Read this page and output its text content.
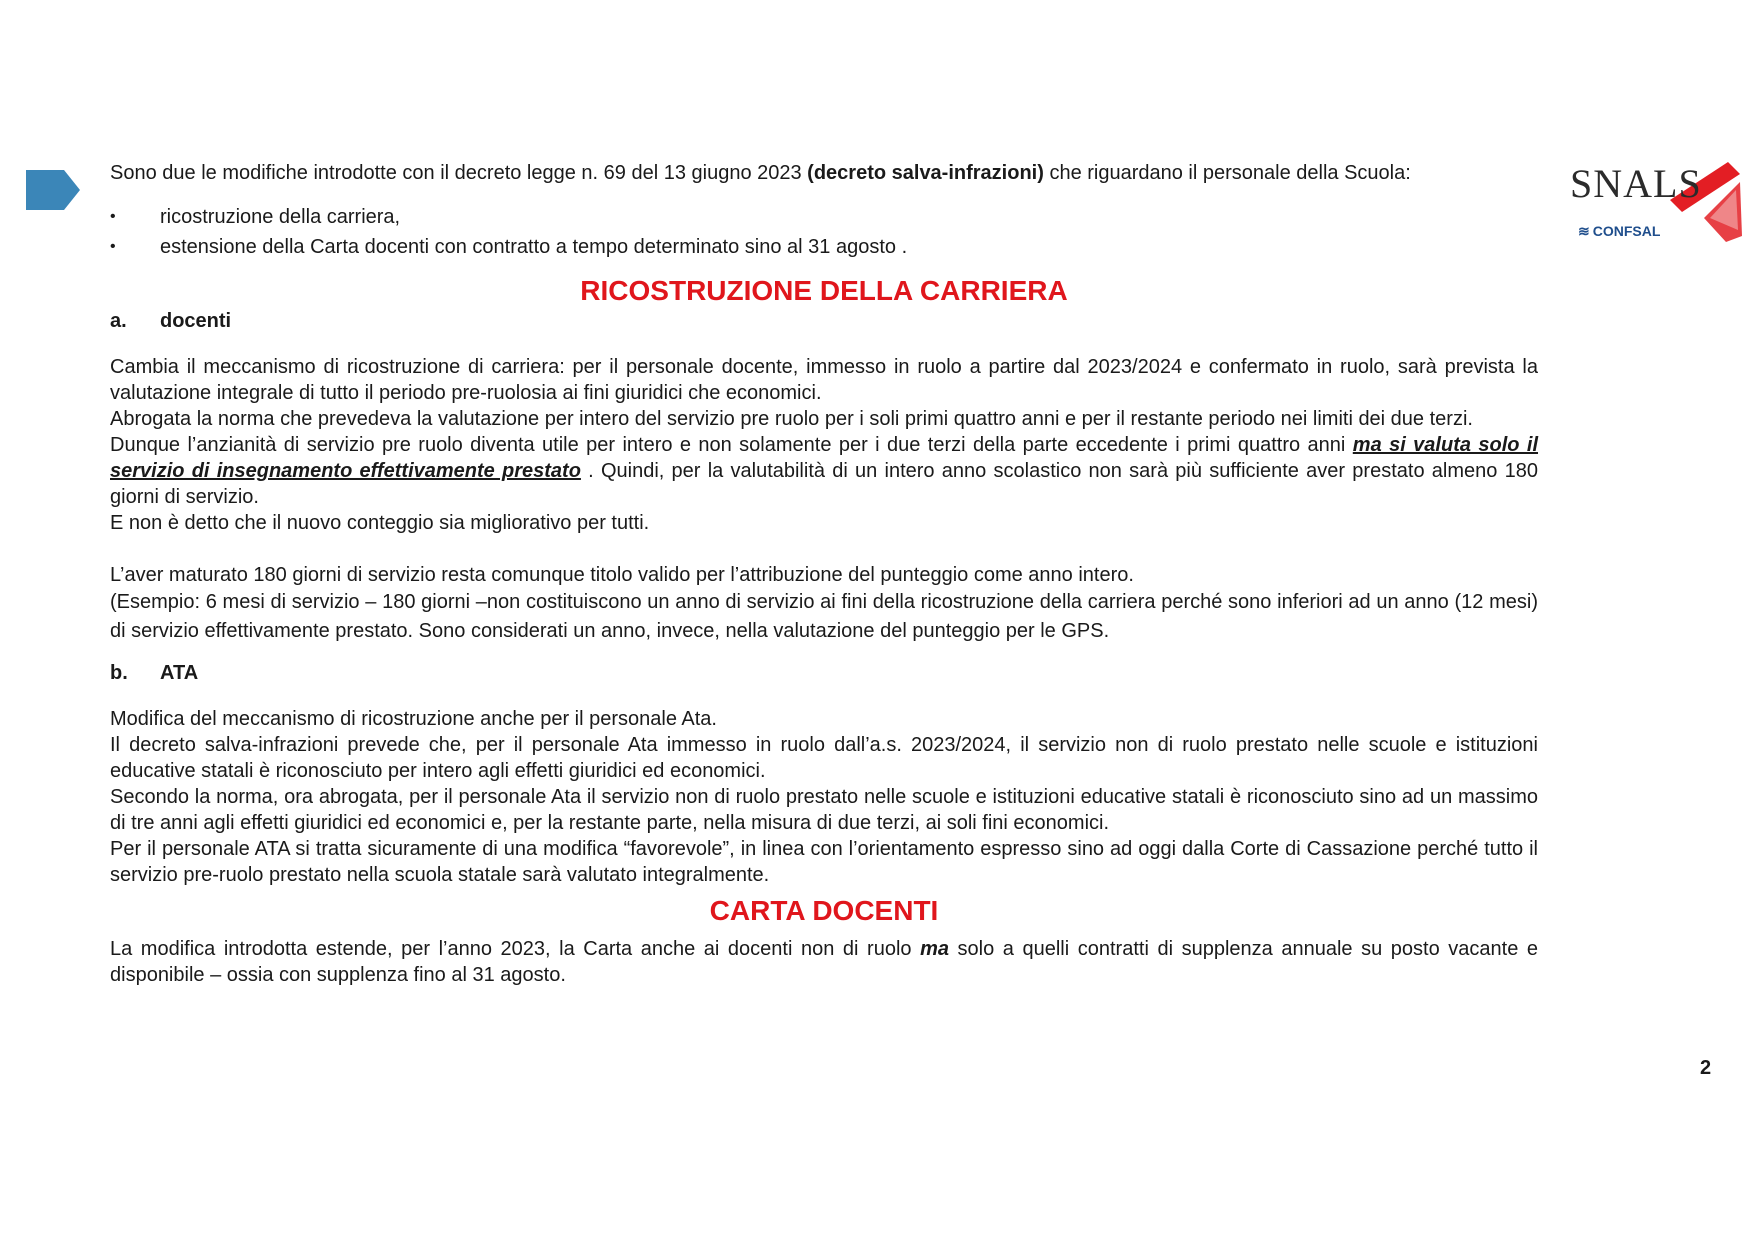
SNALS
≋ CONFSAL

Sono due le modifiche introdotte con il decreto legge n. 69 del 13 giugno 2023 (decreto salva-infrazioni) che riguardano il personale della Scuola:

• ricostruzione della carriera,
• estensione della Carta docenti con contratto a tempo determinato sino al 31 agosto .

RICOSTRUZIONE DELLA CARRIERA

a. docenti

Cambia il meccanismo di ricostruzione di carriera: per il personale docente, immesso in ruolo a partire dal 2023/2024 e confermato in ruolo, sarà prevista la valutazione integrale di tutto il periodo pre-ruolosia ai fini giuridici che economici.

Abrogata la norma che prevedeva la valutazione per intero del servizio pre ruolo per i soli primi quattro anni e per il restante periodo nei limiti dei due terzi.

Dunque l’anzianità di servizio pre ruolo diventa utile per intero e non solamente per i due terzi della parte eccedente i primi quattro anni ma si valuta solo il servizio di insegnamento effettivamente prestato . Quindi, per la valutabilità di un intero anno scolastico non sarà più sufficiente aver prestato almeno 180 giorni di servizio.

E non è detto che il nuovo conteggio sia migliorativo per tutti.

L’aver maturato 180 giorni di servizio resta comunque titolo valido per l’attribuzione del punteggio come anno intero.

(Esempio: 6 mesi di servizio – 180 giorni –non costituiscono un anno di servizio ai fini della ricostruzione della carriera perché sono inferiori ad un anno (12 mesi) di servizio effettivamente prestato. Sono considerati un anno, invece, nella valutazione del punteggio per le GPS.

b. ATA

Modifica del meccanismo di ricostruzione anche per il personale Ata.

Il decreto salva-infrazioni prevede che, per il personale Ata immesso in ruolo dall’a.s. 2023/2024, il servizio non di ruolo prestato nelle scuole e istituzioni educative statali è riconosciuto per intero agli effetti giuridici ed economici.

Secondo la norma, ora abrogata, per il personale Ata il servizio non di ruolo prestato nelle scuole e istituzioni educative statali è riconosciuto sino ad un massimo di tre anni agli effetti giuridici ed economici e, per la restante parte, nella misura di due terzi, ai soli fini economici.

Per il personale ATA si tratta sicuramente di una modifica “favorevole”, in linea con l’orientamento espresso sino ad oggi dalla Corte di Cassazione perché tutto il servizio pre-ruolo prestato nella scuola statale sarà valutato integralmente.

CARTA DOCENTI

La modifica introdotta estende, per l’anno 2023, la Carta anche ai docenti non di ruolo ma solo a quelli contratti di supplenza annuale su posto vacante e disponibile – ossia con supplenza fino al 31 agosto.

2
